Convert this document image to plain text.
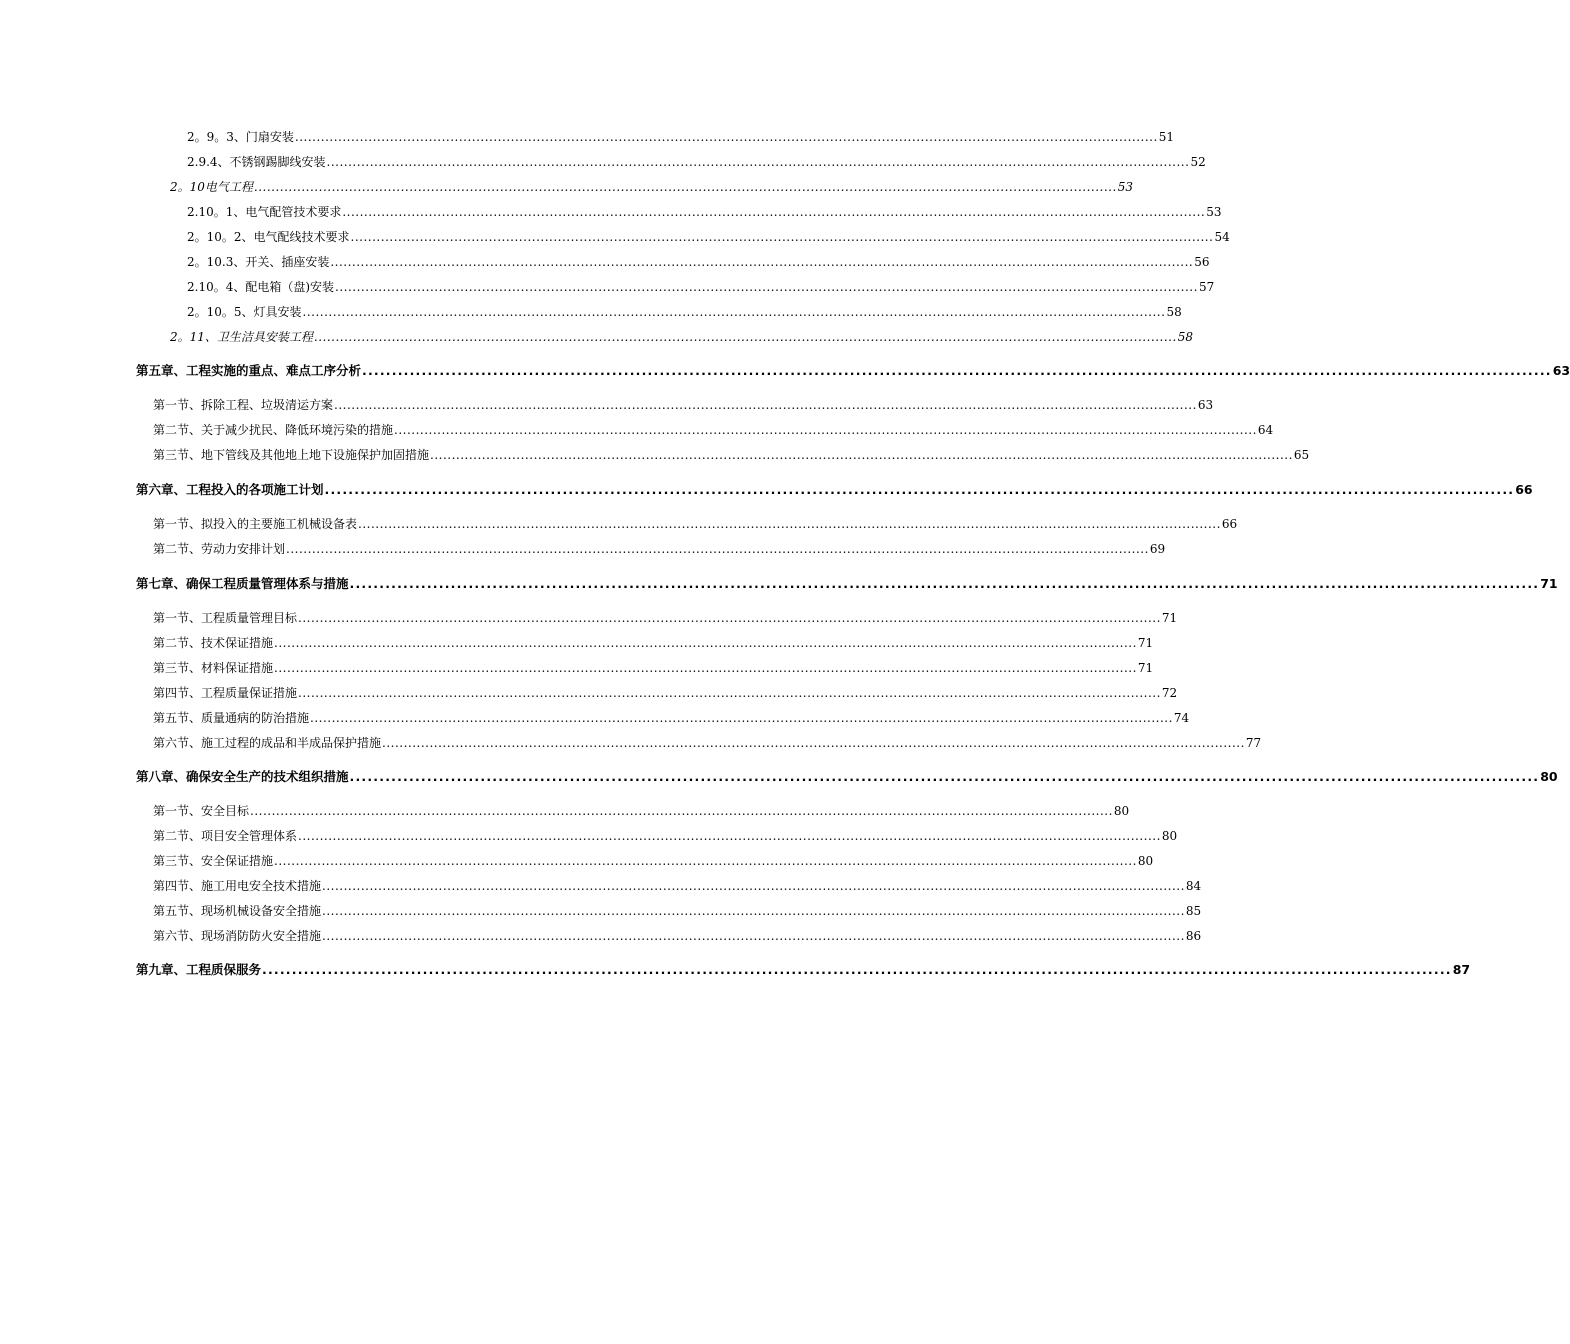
2。9。3、门扇安装 ........................................................................................................................................................................................................ 51
2.9.4、不锈钢踢脚线安装 ........................................................................................................................................................................................................ 52
2。10电气工程 ........................................................................................................................................................................................................ 53
2.10。1、电气配管技术要求 ........................................................................................................................................................................................................ 53
2。10。2、电气配线技术要求 ........................................................................................................................................................................................................ 54
2。10.3、开关、插座安装 ........................................................................................................................................................................................................ 56
2.10。4、配电箱（盘)安装 ........................................................................................................................................................................................................ 57
2。10。5、灯具安装 ........................................................................................................................................................................................................ 58
2。11、卫生洁具安装工程 ........................................................................................................................................................................................................ 58
第五章、工程实施的重点、难点工序分析 ........................................................................................................................................................................................................ 63
第一节、拆除工程、垃圾清运方案 ........................................................................................................................................................................................................ 63
第二节、关于减少扰民、降低环境污染的措施 ........................................................................................................................................................................................................ 64
第三节、地下管线及其他地上地下设施保护加固措施 ........................................................................................................................................................................................................ 65
第六章、工程投入的各项施工计划 ........................................................................................................................................................................................................ 66
第一节、拟投入的主要施工机械设备表 ........................................................................................................................................................................................................ 66
第二节、劳动力安排计划 ........................................................................................................................................................................................................ 69
第七章、确保工程质量管理体系与措施 ........................................................................................................................................................................................................ 71
第一节、工程质量管理目标 ........................................................................................................................................................................................................ 71
第二节、技术保证措施 ........................................................................................................................................................................................................ 71
第三节、材料保证措施 ........................................................................................................................................................................................................ 71
第四节、工程质量保证措施 ........................................................................................................................................................................................................ 72
第五节、质量通病的防治措施 ........................................................................................................................................................................................................ 74
第六节、施工过程的成品和半成品保护措施 ........................................................................................................................................................................................................ 77
第八章、确保安全生产的技术组织措施 ........................................................................................................................................................................................................ 80
第一节、安全目标 ........................................................................................................................................................................................................ 80
第二节、项目安全管理体系 ........................................................................................................................................................................................................ 80
第三节、安全保证措施 ........................................................................................................................................................................................................ 80
第四节、施工用电安全技术措施 ........................................................................................................................................................................................................ 84
第五节、现场机械设备安全措施 ........................................................................................................................................................................................................ 85
第六节、现场消防防火安全措施 ........................................................................................................................................................................................................ 86
第九章、工程质保服务 ........................................................................................................................................................................................................ 87
